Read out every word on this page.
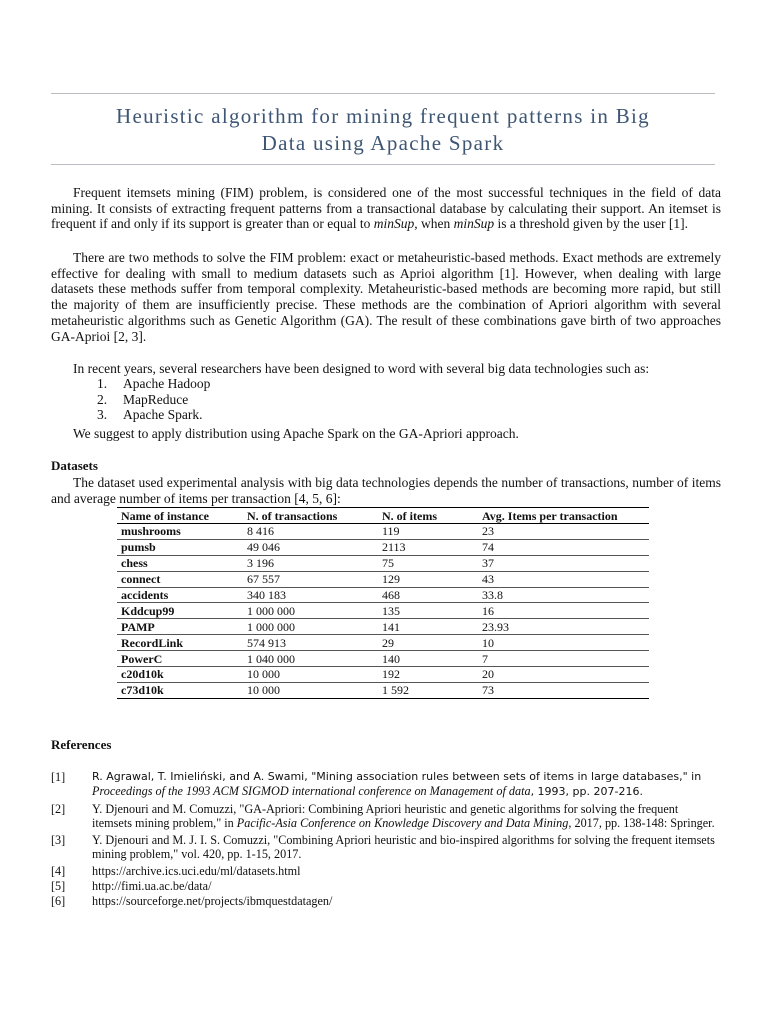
Heuristic algorithm for mining frequent patterns in Big
Data using Apache Spark

Frequent itemsets mining (FIM) problem, is considered one of the most successful techniques in the field of data mining. It consists of extracting frequent patterns from a transactional database by calculating their support. An itemset is frequent if and only if its support is greater than or equal to minSup, when minSup is a threshold given by the user [1].

There are two methods to solve the FIM problem: exact or metaheuristic-based methods. Exact methods are extremely effective for dealing with small to medium datasets such as Aprioi algorithm [1]. However, when dealing with large datasets these methods suffer from temporal complexity. Metaheuristic-based methods are becoming more rapid, but still the majority of them are insufficiently precise. These methods are the combination of Apriori algorithm with several metaheuristic algorithms such as Genetic Algorithm (GA). The result of these combinations gave birth of two approaches GA-Aprioi [2, 3].

In recent years, several researchers have been designed to word with several big data technologies such as:

1.	Apache Hadoop
2.	MapReduce
3.	Apache Spark.

We suggest to apply distribution using Apache Spark on the GA-Apriori approach.

Datasets

The dataset used experimental analysis with big data technologies depends the number of transactions, number of items and average number of items per transaction [4, 5, 6]:

Name of instance	N. of transactions	N. of items	Avg. Items per transaction
mushrooms	8 416	119	23
pumsb	49 046	2113	74
chess	3 196	75	37
connect	67 557	129	43
accidents	340 183	468	33.8
Kddcup99	1 000 000	135	16
PAMP	1 000 000	141	23.93
RecordLink	574 913	29	10
PowerC	1 040 000	140	7
c20d10k	10 000	192	20
c73d10k	10 000	1 592	73

References

[1]	R. Agrawal, T. Imieliński, and A. Swami, "Mining association rules between sets of items in large databases," in Proceedings of the 1993 ACM SIGMOD international conference on Management of data, 1993, pp. 207-216.
[2]	Y. Djenouri and M. Comuzzi, "GA-Apriori: Combining Apriori heuristic and genetic algorithms for solving the frequent itemsets mining problem," in Pacific-Asia Conference on Knowledge Discovery and Data Mining, 2017, pp. 138-148: Springer.
[3]	Y. Djenouri and M. J. I. S. Comuzzi, "Combining Apriori heuristic and bio-inspired algorithms for solving the frequent itemsets mining problem," vol. 420, pp. 1-15, 2017.
[4]	https://archive.ics.uci.edu/ml/datasets.html
[5]	http://fimi.ua.ac.be/data/
[6]	https://sourceforge.net/projects/ibmquestdatagen/
